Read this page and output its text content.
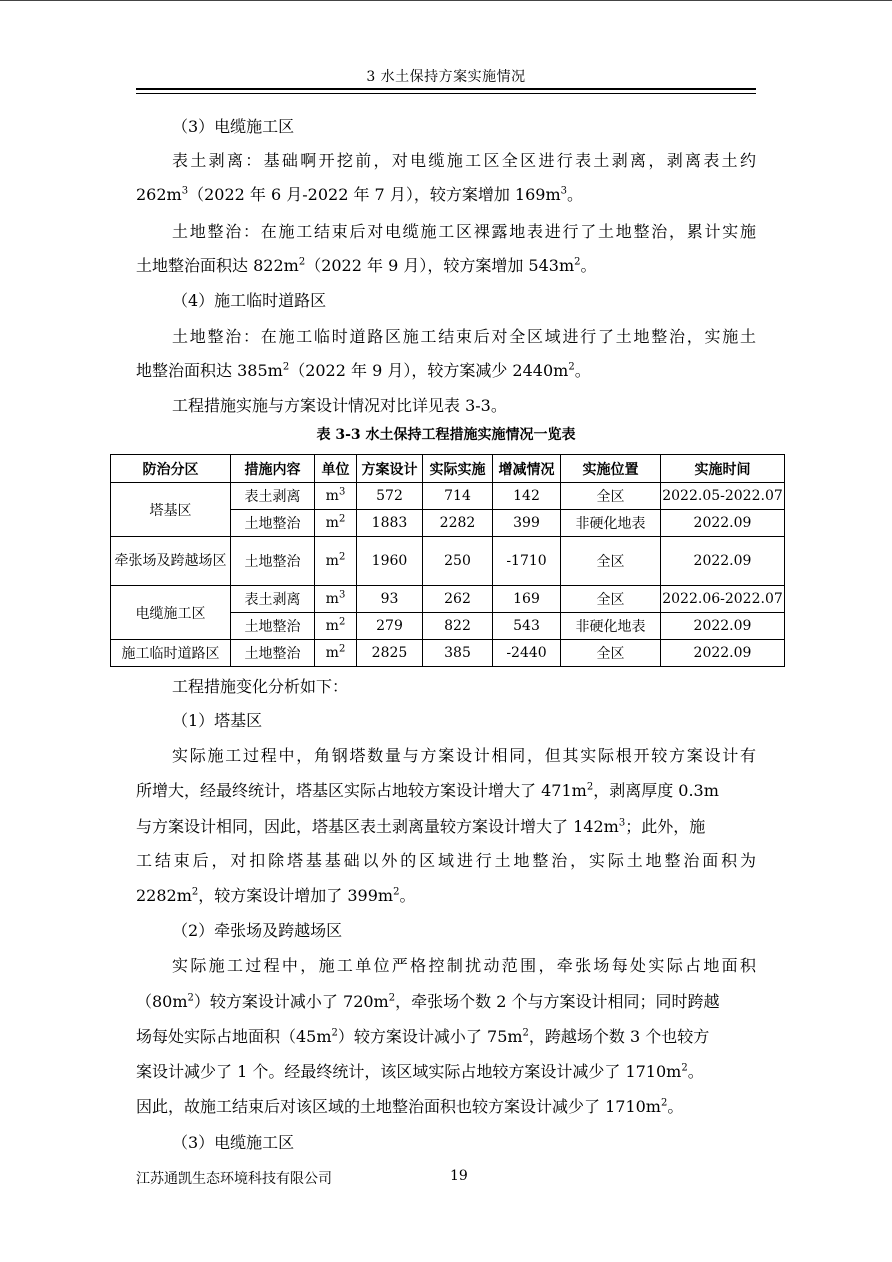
3 水土保持方案实施情况
（3）电缆施工区
表土剥离：基础啊开挖前，对电缆施工区全区进行表土剥离，剥离表土约
$262m^3(2022$ 年 6 月-2022 年 7 月），较方案增加 $169m^3$。
土地整治：在施工结束后对电缆施工区裸露地表进行了土地整治，累计实施
土地整治面积达 $822m^2(2022$ 年 9 月），较方案增加 $543m^2$。
（4）施工临时道路区
土地整治：在施工临时道路区施工结束后对全区域进行了土地整治，实施土
地整治面积达 $385m^2(2022$ 年 9 月），较方案减少 $2440m^2$。
工程措施实施与方案设计情况对比详见表 3-3。
表 3-3 水土保持工程措施实施情况一览表
防治分区	措施内容	单位	方案设计	实际实施	增减情况	实施位置	实施时间
塔基区	表土剥离	$m^3$	572	714	142	全区	2022.05-2022.07
	土地整治	$m^2$	1883	2282	399	非硬化地表	2022.09
牵张场及跨越场区	土地整治	$m^2$	1960	250	-1710	全区	2022.09
电缆施工区	表土剥离	$m^3$	93	262	169	全区	2022.06-2022.07
	土地整治	$m^2$	279	822	543	非硬化地表	2022.09
施工临时道路区	土地整治	$m^2$	2825	385	-2440	全区	2022.09
工程措施变化分析如下：
（1）塔基区
实际施工过程中，角钢塔数量与方案设计相同，但其实际根开较方案设计有
所增大，经最终统计，塔基区实际占地较方案设计增大了 $471m^2$，剥离厚度 0.3m
与方案设计相同，因此，塔基区表土剥离量较方案设计增大了 $142m^3$；此外，施
工结束后，对扣除塔基基础以外的区域进行土地整治，实际土地整治面积为
$2282m^2$，较方案设计增加了 $399m^2$。
（2）牵张场及跨越场区
实际施工过程中，施工单位严格控制扰动范围，牵张场每处实际占地面积
$(80m^2)$较方案设计减小了 $720m^2$，牵张场个数 2 个与方案设计相同；同时跨越
场每处实际占地面积$(45m^2)$较方案设计减小了 $75m^2$，跨越场个数 3 个也较方
案设计减少了 1 个。经最终统计，该区域实际占地较方案设计减少了 $1710m^2$。
因此，故施工结束后对该区域的土地整治面积也较方案设计减少了 $1710m^2$。
（3）电缆施工区
江苏通凯生态环境科技有限公司	19
